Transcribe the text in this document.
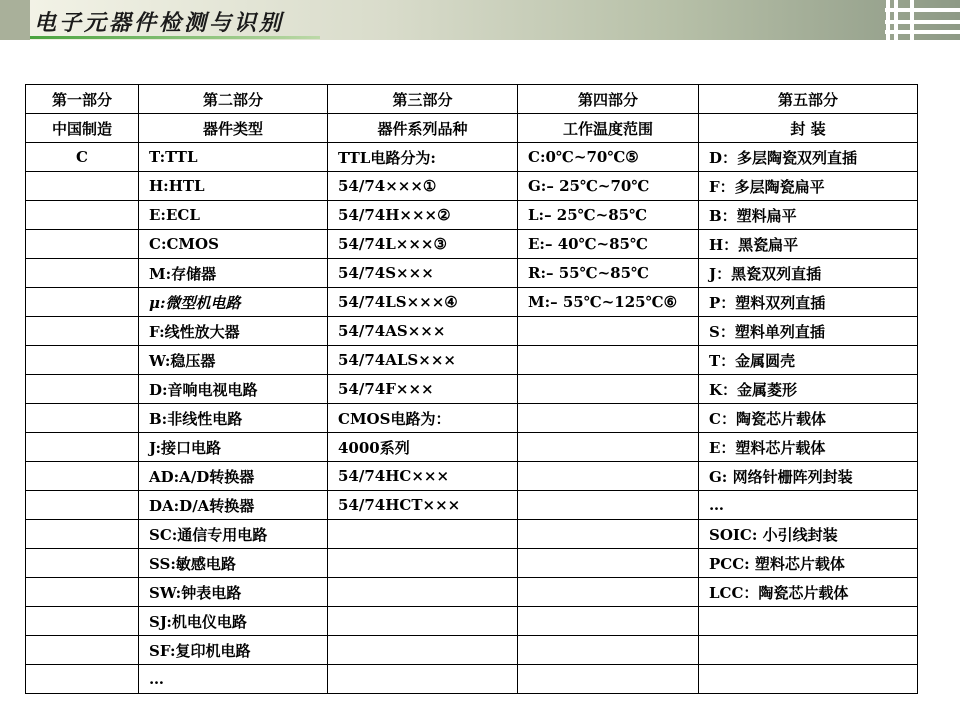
电子元器件检测与识别
第一部分	第二部分	第三部分	第四部分	第五部分
中国制造	器件类型	器件系列品种	工作温度范围	封 装
C	T:TTL	TTL电路分为:	C:0℃~70℃⑤	D：多层陶瓷双列直插
	H:HTL	54/74×××①	G:– 25℃~70℃	F：多层陶瓷扁平
	E:ECL	54/74H×××②	L:– 25℃~85℃	B：塑料扁平
	C:CMOS	54/74L×××③	E:– 40℃~85℃	H：黑瓷扁平
	M:存储器	54/74S×××	R:– 55℃~85℃	J：黑瓷双列直插
	μ:微型机电路	54/74LS×××④	M:– 55℃~125℃⑥	P：塑料双列直插
	F:线性放大器	54/74AS×××		S：塑料单列直插
	W:稳压器	54/74ALS×××		T：金属圆壳
	D:音响电视电路	54/74F×××		K：金属菱形
	B:非线性电路	CMOS电路为：		C：陶瓷芯片载体
	J:接口电路	4000系列		E：塑料芯片载体
	AD:A/D转换器	54/74HC×××		G: 网络针栅阵列封装
	DA:D/A转换器	54/74HCT×××		…
	SC:通信专用电路			SOIC: 小引线封装
	SS:敏感电路			PCC: 塑料芯片载体
	SW:钟表电路			LCC：陶瓷芯片载体
	SJ:机电仪电路			
	SF:复印机电路			
	…			
